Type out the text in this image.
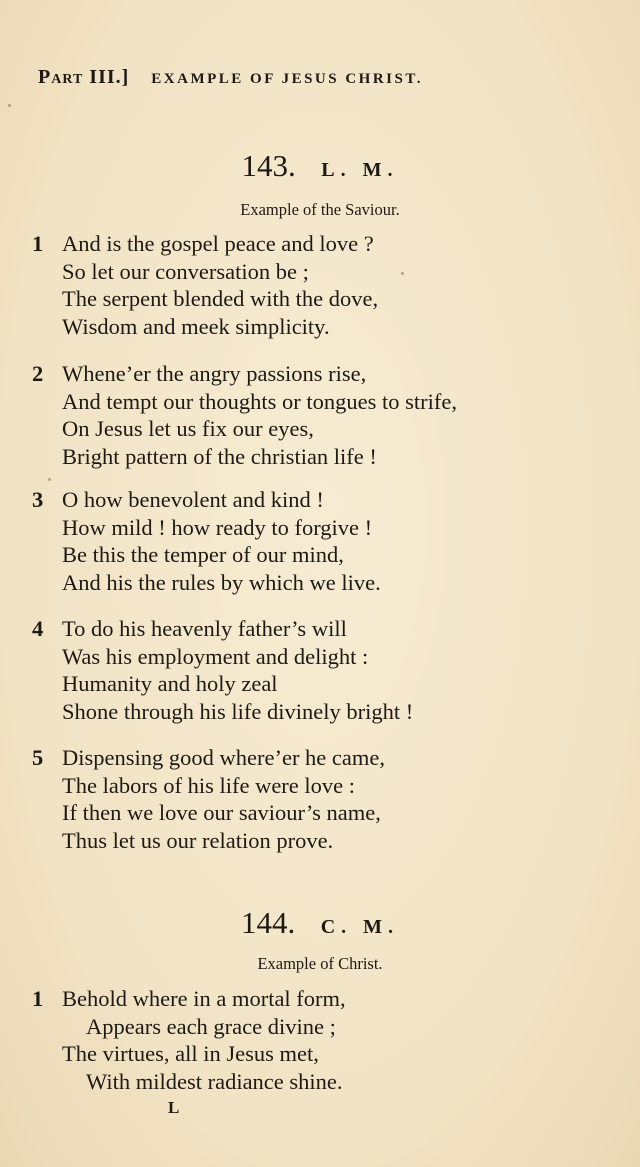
Part III.] EXAMPLE OF JESUS CHRIST.
143. L. M.
Example of the Saviour.
1 And is the gospel peace and love ?
So let our conversation be ;
The serpent blended with the dove,
Wisdom and meek simplicity.
2 Whene’er the angry passions rise,
And tempt our thoughts or tongues to strife,
On Jesus let us fix our eyes,
Bright pattern of the christian life !
3 O how benevolent and kind !
How mild ! how ready to forgive !
Be this the temper of our mind,
And his the rules by which we live.
4 To do his heavenly father’s will
Was his employment and delight :
Humanity and holy zeal
Shone through his life divinely bright !
5 Dispensing good where’er he came,
The labors of his life were love :
If then we love our saviour’s name,
Thus let us our relation prove.
144. C. M.
Example of Christ.
1 Behold where in a mortal form,
Appears each grace divine ;
The virtues, all in Jesus met,
With mildest radiance shine.
L
